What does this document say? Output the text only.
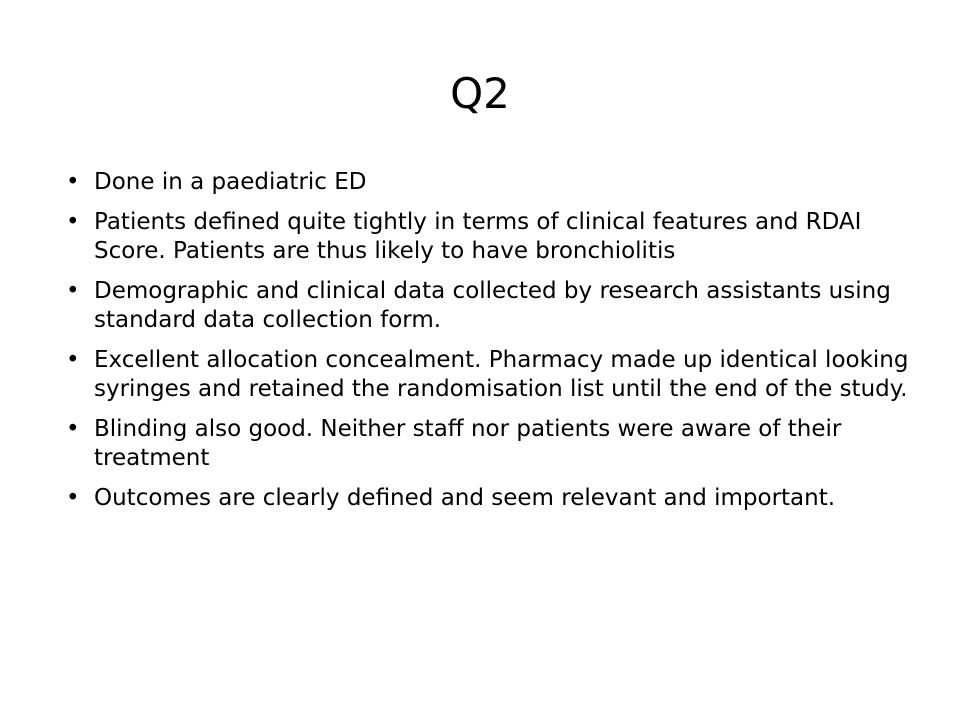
Q2
• Done in a paediatric ED
• Patients defined quite tightly in terms of clinical features and RDAI Score. Patients are thus likely to have bronchiolitis
• Demographic and clinical data collected by research assistants using standard data collection form.
• Excellent allocation concealment. Pharmacy made up identical looking syringes and retained the randomisation list until the end of the study.
• Blinding also good. Neither staff nor patients were aware of their treatment
• Outcomes are clearly defined and seem relevant and important.
